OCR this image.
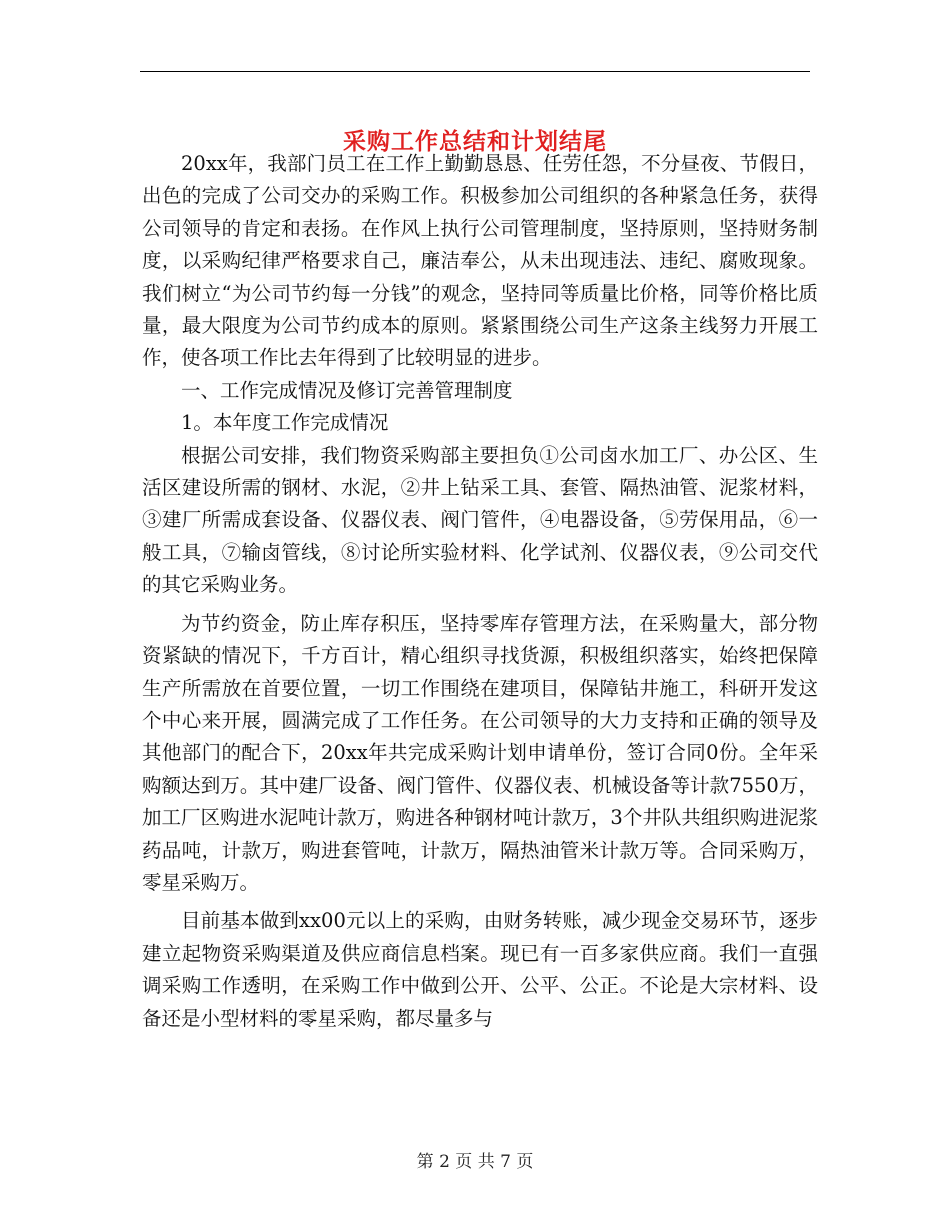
采购工作总结和计划结尾

20xx年，我部门员工在工作上勤勤恳恳、任劳任怨，不分昼夜、节假日，出色的完成了公司交办的采购工作。积极参加公司组织的各种紧急任务，获得公司领导的肯定和表扬。在作风上执行公司管理制度，坚持原则，坚持财务制度，以采购纪律严格要求自己，廉洁奉公，从未出现违法、违纪、腐败现象。我们树立“为公司节约每一分钱”的观念，坚持同等质量比价格，同等价格比质量，最大限度为公司节约成本的原则。紧紧围绕公司生产这条主线努力开展工作，使各项工作比去年得到了比较明显的进步。

一、工作完成情况及修订完善管理制度

1。本年度工作完成情况

根据公司安排，我们物资采购部主要担负①公司卤水加工厂、办公区、生活区建设所需的钢材、水泥，②井上钻采工具、套管、隔热油管、泥浆材料，③建厂所需成套设备、仪器仪表、阀门管件，④电器设备，⑤劳保用品，⑥一般工具，⑦输卤管线，⑧讨论所实验材料、化学试剂、仪器仪表，⑨公司交代的其它采购业务。

为节约资金，防止库存积压，坚持零库存管理方法，在采购量大，部分物资紧缺的情况下，千方百计，精心组织寻找货源，积极组织落实，始终把保障生产所需放在首要位置，一切工作围绕在建项目，保障钻井施工，科研开发这个中心来开展，圆满完成了工作任务。在公司领导的大力支持和正确的领导及其他部门的配合下，20xx年共完成采购计划申请单份，签订合同0份。全年采购额达到万。其中建厂设备、阀门管件、仪器仪表、机械设备等计款7550万，加工厂区购进水泥吨计款万，购进各种钢材吨计款万，3个井队共组织购进泥浆药品吨，计款万，购进套管吨，计款万，隔热油管米计款万等。合同采购万，零星采购万。

目前基本做到xx00元以上的采购，由财务转账，减少现金交易环节，逐步建立起物资采购渠道及供应商信息档案。现已有一百多家供应商。我们一直强调采购工作透明，在采购工作中做到公开、公平、公正。不论是大宗材料、设备还是小型材料的零星采购，都尽量多与

第 2 页 共 7 页
